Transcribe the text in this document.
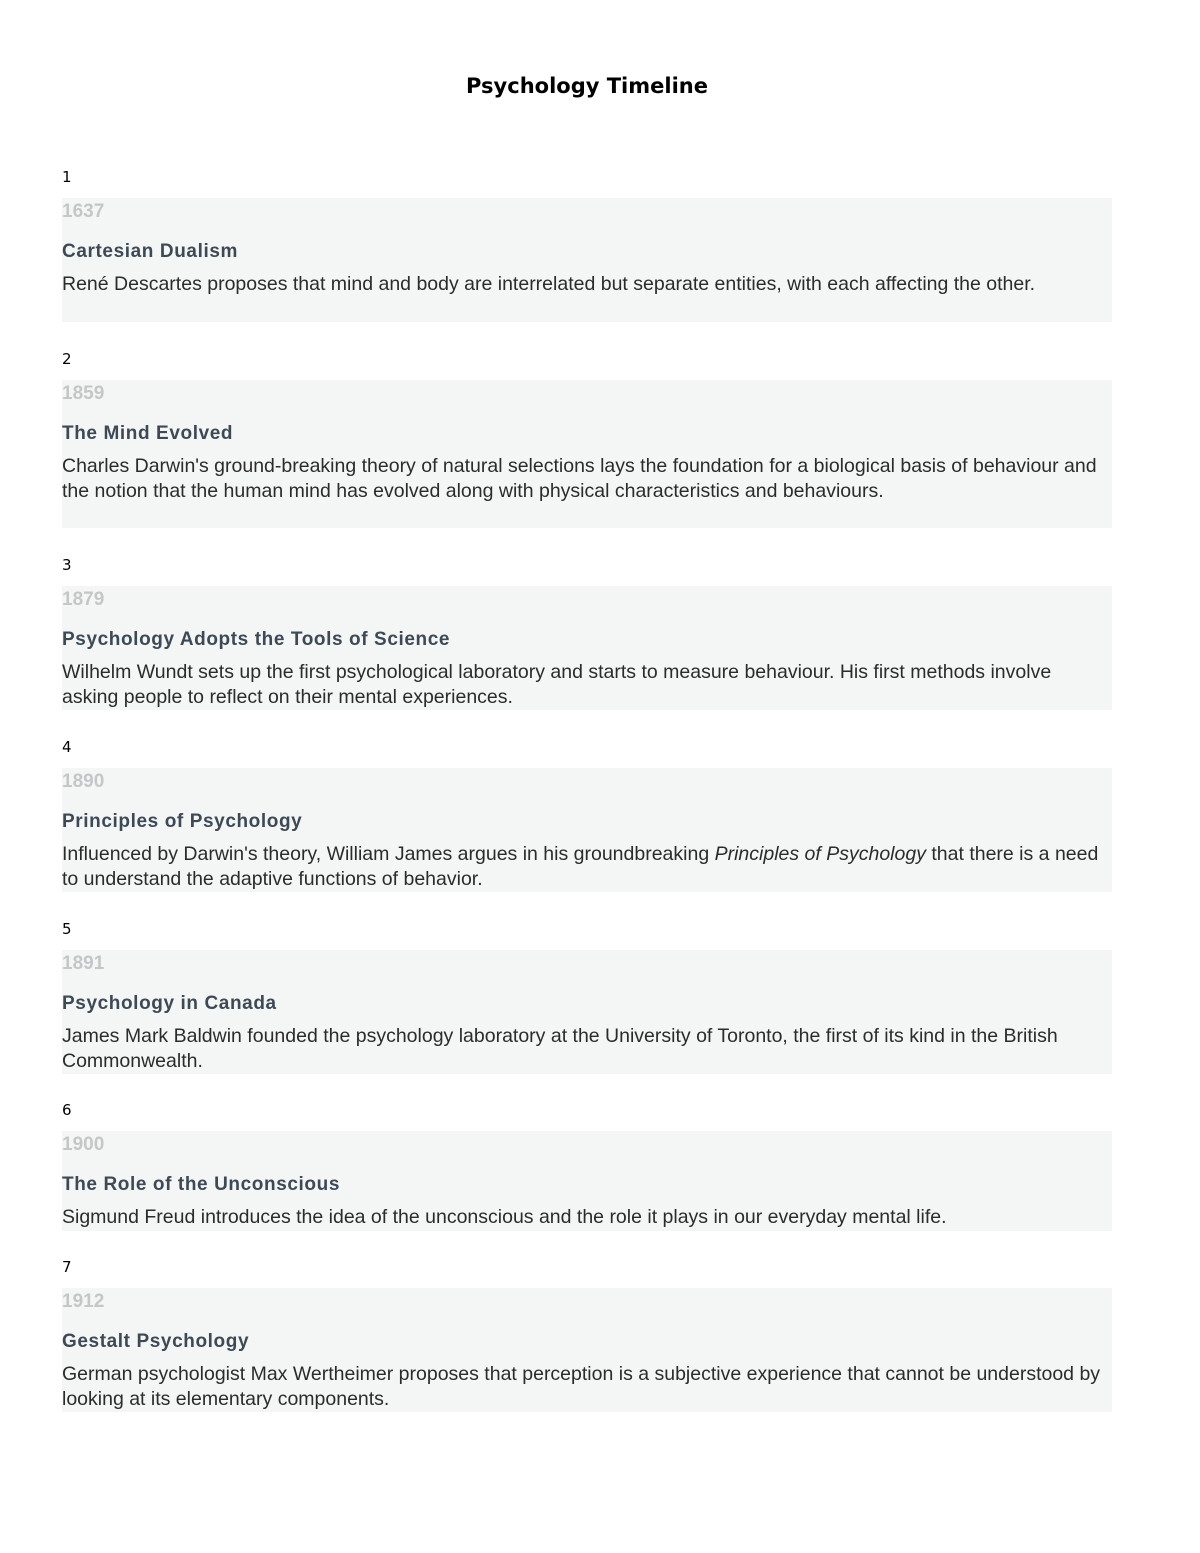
Psychology Timeline
1
1637
Cartesian Dualism
René Descartes proposes that mind and body are interrelated but separate entities, with each affecting the other.
2
1859
The Mind Evolved
Charles Darwin's ground-breaking theory of natural selections lays the foundation for a biological basis of behaviour and the notion that the human mind has evolved along with physical characteristics and behaviours.
3
1879
Psychology Adopts the Tools of Science
Wilhelm Wundt sets up the first psychological laboratory and starts to measure behaviour. His first methods involve asking people to reflect on their mental experiences.
4
1890
Principles of Psychology
Influenced by Darwin's theory, William James argues in his groundbreaking Principles of Psychology that there is a need to understand the adaptive functions of behavior.
5
1891
Psychology in Canada
James Mark Baldwin founded the psychology laboratory at the University of Toronto, the first of its kind in the British Commonwealth.
6
1900
The Role of the Unconscious
Sigmund Freud introduces the idea of the unconscious and the role it plays in our everyday mental life.
7
1912
Gestalt Psychology
German psychologist Max Wertheimer proposes that perception is a subjective experience that cannot be understood by looking at its elementary components.
